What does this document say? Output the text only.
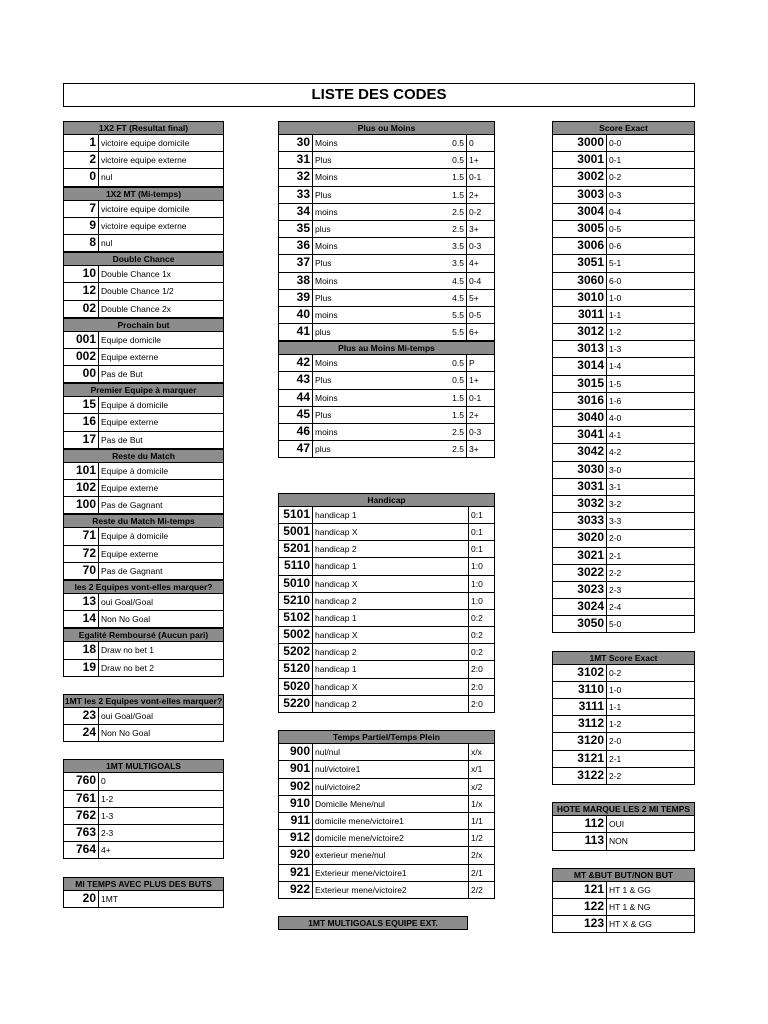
LISTE DES CODES
1X2 FT (Resultat final)
1 victoire equipe domicile
2 victoire equipe externe
0 nul
1X2 MT (Mi-temps)
7 victoire equipe domicile
9 victoire equipe externe
8 nul
Double Chance
10 Double Chance 1x
12 Double Chance 1/2
02 Double Chance 2x
Prochain but
001 Equipe domicile
002 Equipe externe
00 Pas de But
Premier Equipe à marquer
15 Equipe à domicile
16 Equipe externe
17 Pas de But
Reste du Match
101 Equipe à domicile
102 Equipe externe
100 Pas de Gagnant
Reste du Match Mi-temps
71 Equipe à domicile
72 Equipe externe
70 Pas de Gagnant
les 2 Equipes vont-elles marquer?
13 oui Goal/Goal
14 Non No Goal
Egalité Remboursé (Aucun pari)
18 Draw no bet 1
19 Draw no bet 2
1MT les 2 Equipes vont-elles marquer?
23 oui Goal/Goal
24 Non No Goal
1MT MULTIGOALS
760 0
761 1-2
762 1-3
763 2-3
764 4+
MI TEMPS AVEC PLUS DES BUTS
20 1MT
Plus ou Moins
30 Moins	0.5 0
31 Plus	0.5 1+
32 Moins	1.5 0-1
33 Plus	1.5 2+
34 moins	2.5 0-2
35 plus	2.5 3+
36 Moins	3.5 0-3
37 Plus	3.5 4+
38 Moins	4.5 0-4
39 Plus	4.5 5+
40 moins	5.5 0-5
41 plus	5.5 6+
Plus au Moins Mi-temps
42 Moins	0.5 P
43 Plus	0.5 1+
44 Moins	1.5 0-1
45 Plus	1.5 2+
46 moins	2.5 0-3
47 plus	2.5 3+
Handicap
5101 handicap 1	0:1
5001 handicap X	0:1
5201 handicap 2	0:1
5110 handicap 1	1:0
5010 handicap X	1:0
5210 handicap 2	1:0
5102 handicap 1	0:2
5002 handicap X	0:2
5202 handicap 2	0:2
5120 handicap 1	2:0
5020 handicap X	2:0
5220 handicap 2	2:0
Temps Partiel/Temps Plein
900 nul/nul	x/x
901 nul/victoire1	x/1
902 nul/victoire2	x/2
910 Domicile Mene/nul	1/x
911 domicile mene/victoire1	1/1
912 domicile mene/victoire2	1/2
920 exterieur mene/nul	2/x
921 Exterieur mene/victoire1	2/1
922 Exterieur mene/victoire2	2/2
1MT MULTIGOALS EQUIPE EXT.
Score Exact
3000 0-0
3001 0-1
3002 0-2
3003 0-3
3004 0-4
3005 0-5
3006 0-6
3051 5-1
3060 6-0
3010 1-0
3011 1-1
3012 1-2
3013 1-3
3014 1-4
3015 1-5
3016 1-6
3040 4-0
3041 4-1
3042 4-2
3030 3-0
3031 3-1
3032 3-2
3033 3-3
3020 2-0
3021 2-1
3022 2-2
3023 2-3
3024 2-4
3050 5-0
1MT Score Exact
3102 0-2
3110 1-0
3111 1-1
3112 1-2
3120 2-0
3121 2-1
3122 2-2
HOTE MARQUE LES 2 MI TEMPS
112 OUI
113 NON
MT &BUT BUT/NON BUT
121 HT 1 & GG
122 HT 1 & NG
123 HT X & GG
